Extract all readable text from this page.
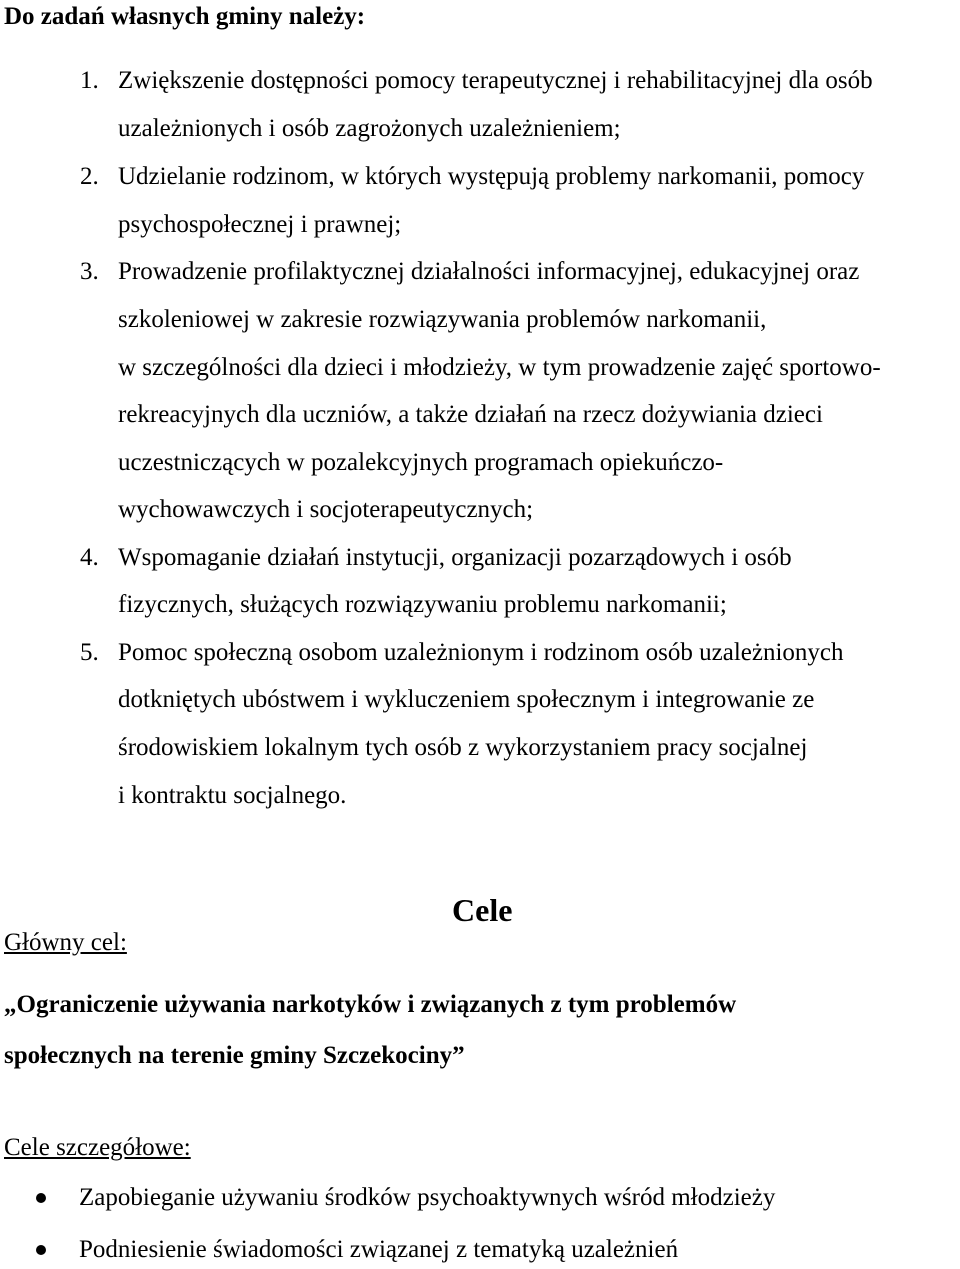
Do zadań własnych gminy należy:
1. Zwiększenie dostępności pomocy terapeutycznej i rehabilitacyjnej dla osób
uzależnionych i osób zagrożonych uzależnieniem;
2. Udzielanie rodzinom, w których występują problemy narkomanii, pomocy
psychospołecznej i prawnej;
3. Prowadzenie profilaktycznej działalności informacyjnej, edukacyjnej oraz
szkoleniowej w zakresie rozwiązywania problemów narkomanii,
w szczególności dla dzieci i młodzieży, w tym prowadzenie zajęć sportowo-
rekreacyjnych dla uczniów, a także działań na rzecz dożywiania dzieci
uczestniczących w pozalekcyjnych programach opiekuńczo-
wychowawczych i socjoterapeutycznych;
4. Wspomaganie działań instytucji, organizacji pozarządowych i osób
fizycznych, służących rozwiązywaniu problemu narkomanii;
5. Pomoc społeczną osobom uzależnionym i rodzinom osób uzależnionych
dotkniętych ubóstwem i wykluczeniem społecznym i integrowanie ze
środowiskiem lokalnym tych osób z wykorzystaniem pracy socjalnej
i kontraktu socjalnego.
Cele
Główny cel:
„Ograniczenie używania narkotyków i związanych z tym problemów
społecznych na terenie gminy Szczekociny”
Cele szczegółowe:
Zapobieganie używaniu środków psychoaktywnych wśród młodzieży
Podniesienie świadomości związanej z tematyką uzależnień
